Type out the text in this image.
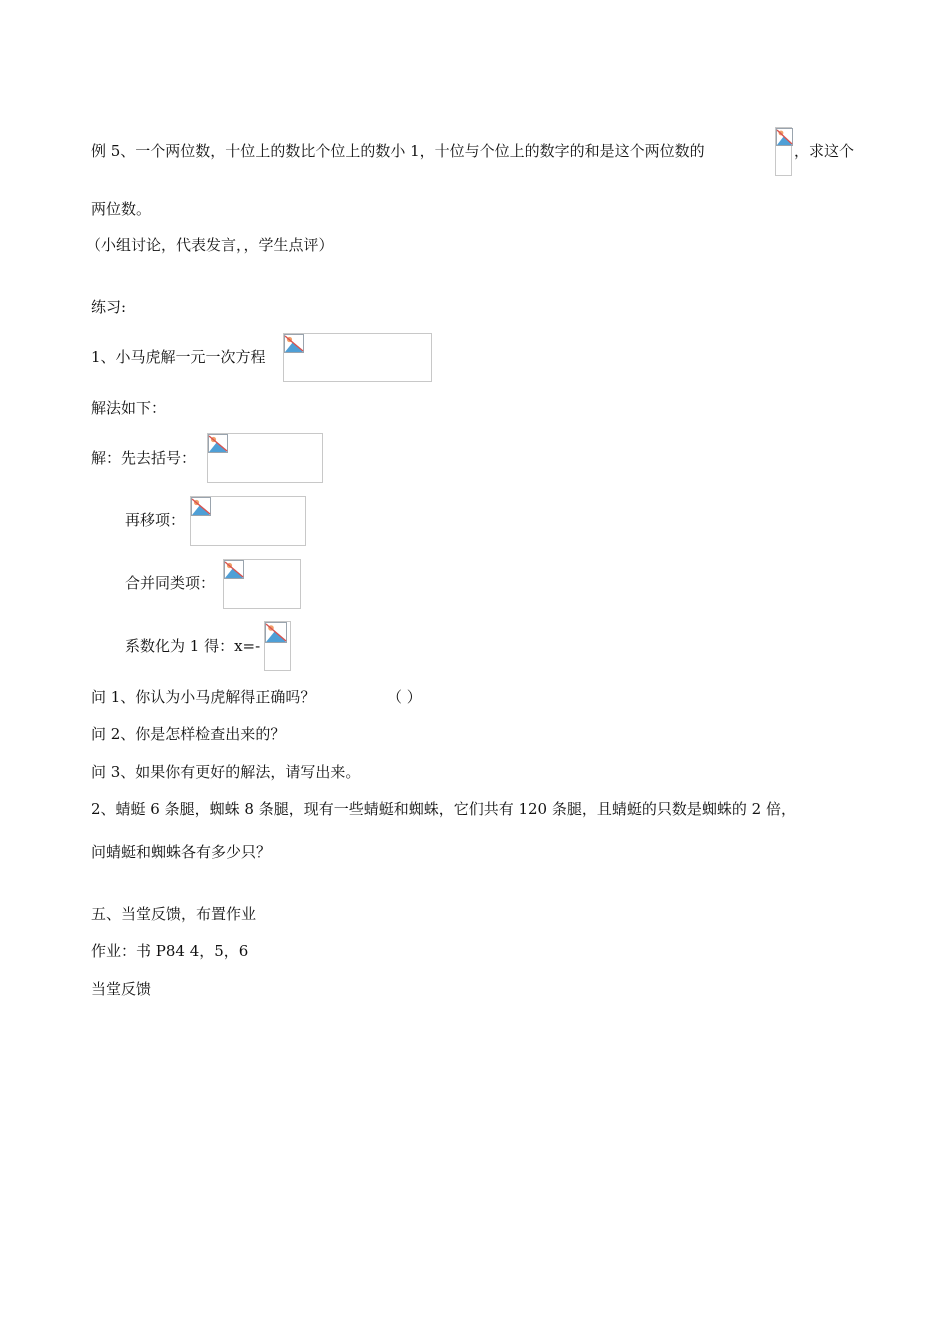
例 5、一个两位数，十位上的数比个位上的数小 1，十位与个位上的数字的和是这个两位数的	，求这个
两位数。
（小组讨论，代表发言，，学生点评）
练习:
1、小马虎解一元一次方程
解法如下：
解：先去括号：
再移项：
合并同类项：
系数化为 1 得：x=-
问 1、你认为小马虎解得正确吗？	（ ）
问 2、你是怎样检查出来的？
问 3、如果你有更好的解法，请写出来。
2、蜻蜓 6 条腿，蜘蛛 8 条腿，现有一些蜻蜓和蜘蛛，它们共有 120 条腿，且蜻蜓的只数是蜘蛛的 2 倍，
问蜻蜓和蜘蛛各有多少只？
五、当堂反馈，布置作业
作业：书 P84 4，5，6
当堂反馈
